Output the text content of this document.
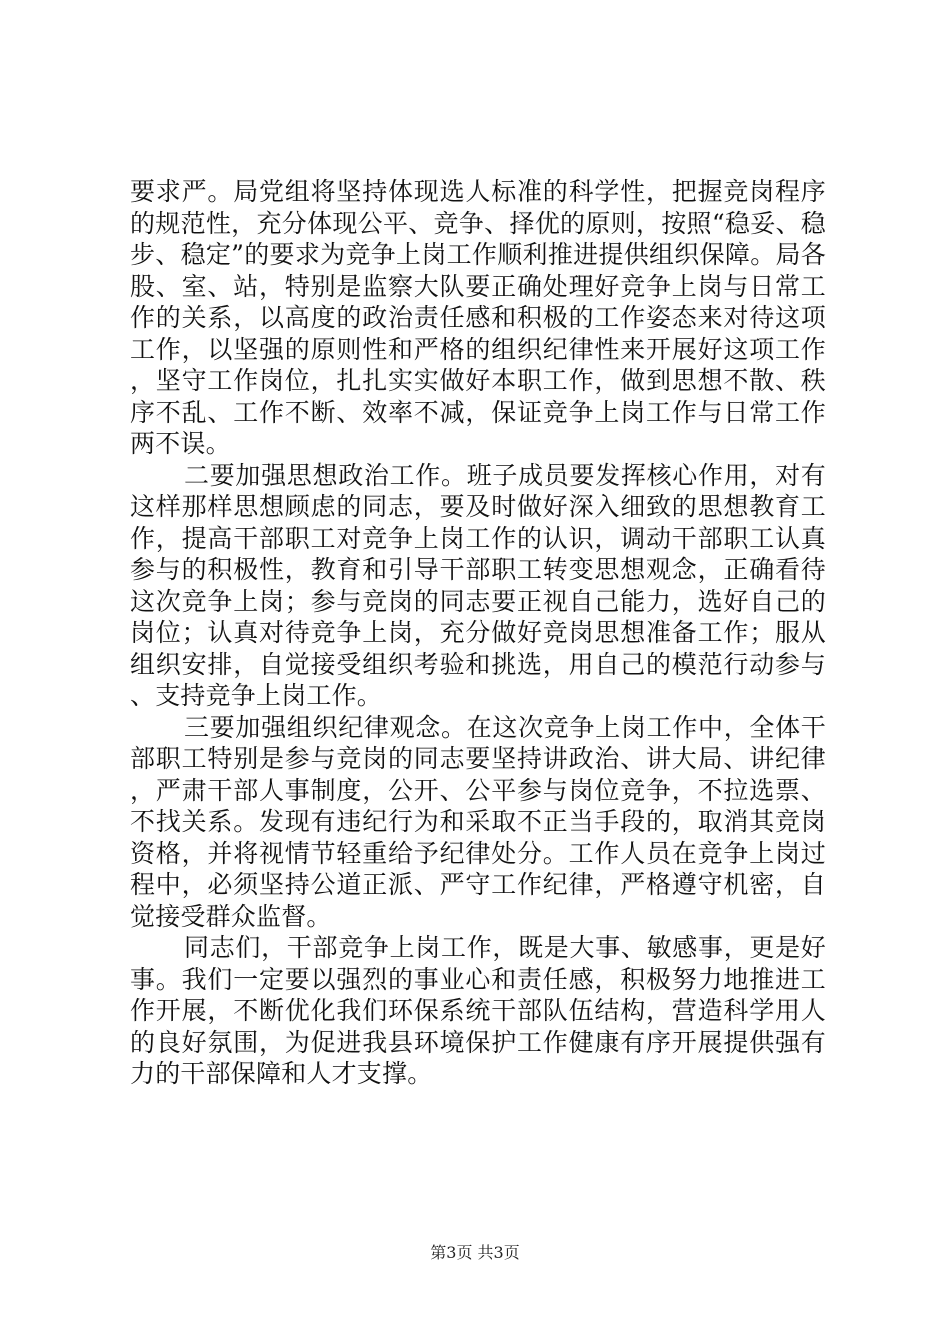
要求严。局党组将坚持体现选人标准的科学性，把握竞岗程序的规范性，充分体现公平、竞争、择优的原则，按照“稳妥、稳步、稳定”的要求为竞争上岗工作顺利推进提供组织保障。局各股、室、站，特别是监察大队要正确处理好竞争上岗与日常工作的关系，以高度的政治责任感和积极的工作姿态来对待这项工作，以坚强的原则性和严格的组织纪律性来开展好这项工作，坚守工作岗位，扎扎实实做好本职工作，做到思想不散、秩序不乱、工作不断、效率不减，保证竞争上岗工作与日常工作两不误。

二要加强思想政治工作。班子成员要发挥核心作用，对有这样那样思想顾虑的同志，要及时做好深入细致的思想教育工作，提高干部职工对竞争上岗工作的认识，调动干部职工认真参与的积极性，教育和引导干部职工转变思想观念，正确看待这次竞争上岗；参与竞岗的同志要正视自己能力，选好自己的岗位；认真对待竞争上岗，充分做好竞岗思想准备工作；服从组织安排，自觉接受组织考验和挑选，用自己的模范行动参与、支持竞争上岗工作。

三要加强组织纪律观念。在这次竞争上岗工作中，全体干部职工特别是参与竞岗的同志要坚持讲政治、讲大局、讲纪律，严肃干部人事制度，公开、公平参与岗位竞争，不拉选票、不找关系。发现有违纪行为和采取不正当手段的，取消其竞岗资格，并将视情节轻重给予纪律处分。工作人员在竞争上岗过程中，必须坚持公道正派、严守工作纪律，严格遵守机密，自觉接受群众监督。

同志们，干部竞争上岗工作，既是大事、敏感事，更是好事。我们一定要以强烈的事业心和责任感，积极努力地推进工作开展，不断优化我们环保系统干部队伍结构，营造科学用人的良好氛围，为促进我县环境保护工作健康有序开展提供强有力的干部保障和人才支撑。

第3页 共3页
